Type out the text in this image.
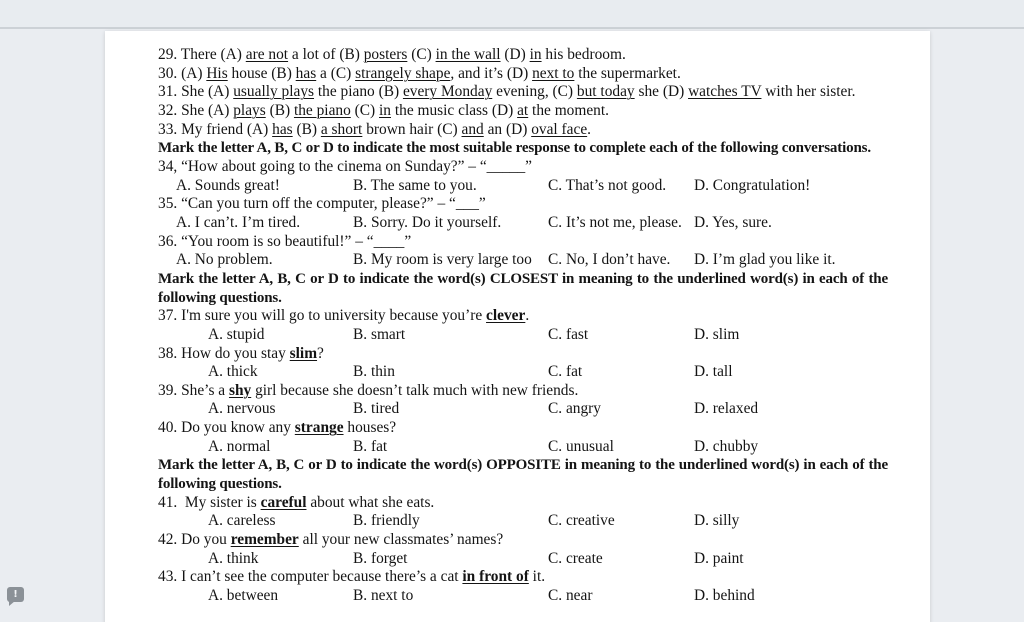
29. There (A) are not a lot of (B) posters (C) in the wall (D) in his bedroom.
30. (A) His house (B) has a (C) strangely shape, and it’s (D) next to the supermarket.
31. She (A) usually plays the piano (B) every Monday evening, (C) but today she (D) watches TV with her sister.
32. She (A) plays (B) the piano (C) in the music class (D) at the moment.
33. My friend (A) has (B) a short brown hair (C) and an (D) oval face.
Mark the letter A, B, C or D to indicate the most suitable response to complete each of the following conversations.
34, “How about going to the cinema on Sunday?” – “_____”
A. Sounds great!	B. The same to you.	C. That’s not good.	D. Congratulation!
35. “Can you turn off the computer, please?” – “___”
A. I can’t. I’m tired.	B. Sorry. Do it yourself.	C. It’s not me, please. D. Yes, sure.
36. “You room is so beautiful!” – “____”
A. No problem.	B. My room is very large too	C. No, I don’t have.	D. I’m glad you like it.
Mark the letter A, B, C or D to indicate the word(s) CLOSEST in meaning to the underlined word(s) in each of the following questions.
37. I'm sure you will go to university because you’re clever.
A. stupid	B. smart	C. fast	D. slim
38. How do you stay slim?
A. thick	B. thin	C. fat	D. tall
39. She’s a shy girl because she doesn’t talk much with new friends.
A. nervous	B. tired	C. angry	D. relaxed
40. Do you know any strange houses?
A. normal	B. fat	C. unusual	D. chubby
Mark the letter A, B, C or D to indicate the word(s) OPPOSITE in meaning to the underlined word(s) in each of the following questions.
41.  My sister is careful about what she eats.
A. careless	B. friendly	C. creative	D. silly
42. Do you remember all your new classmates’ names?
A. think	B. forget	C. create	D. paint
43. I can’t see the computer because there’s a cat in front of it.
A. between	B. next to	C. near	D. behind
!
